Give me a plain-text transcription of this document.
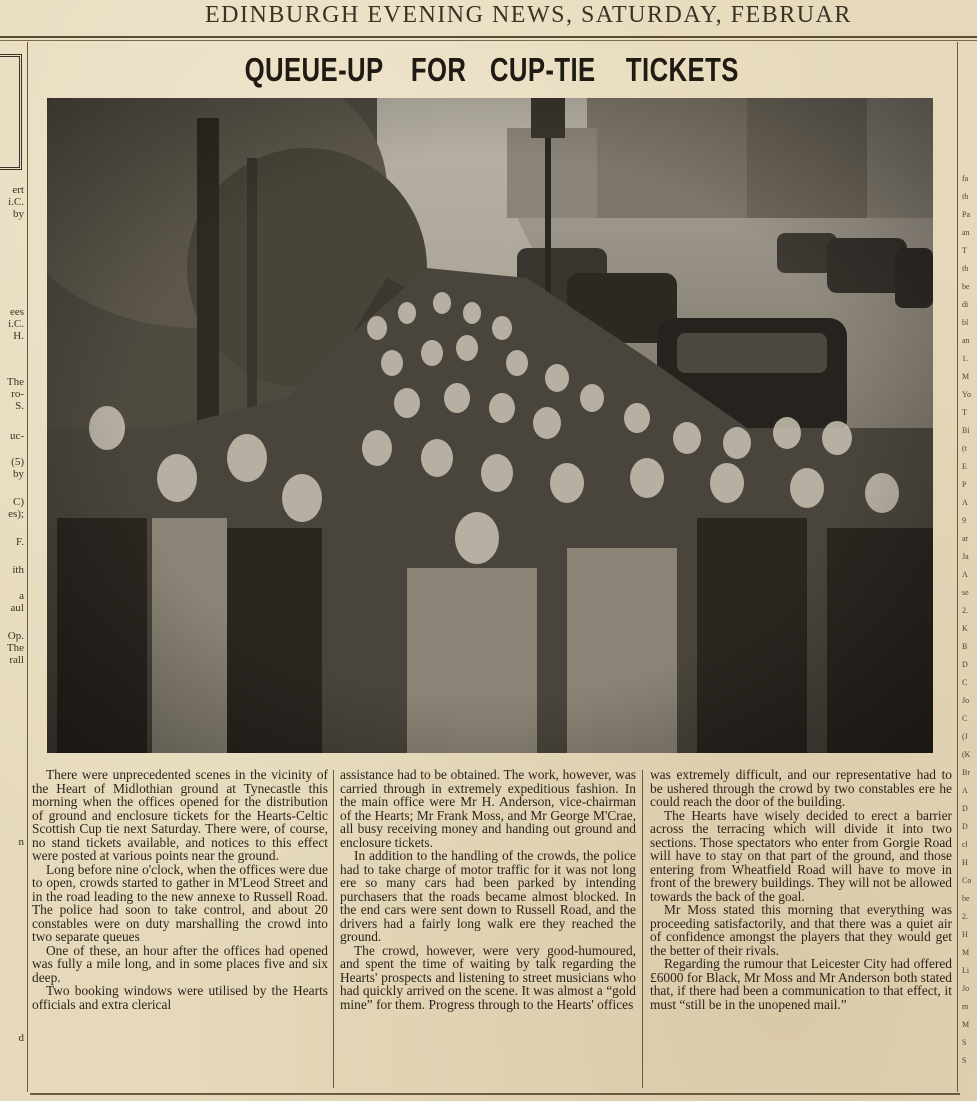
EDINBURGH EVENING NEWS, SATURDAY, FEBRUAR
ert
i.C.
by
ees
i.C.
H.
The
ro-
S.
uc-
(5)
by
C)
es);
F.
ith
a
aul
Op.
The
rall
n
d
fa
th
Pa
an
T
th
be
di
bl
an
1.
M
Yo
T
Bi
(t
E
P
A
9
ar
Ja
A
se
2.
K
B
D
C
Jo
C
(J
(K
Br
A
D
D
cl
H
Co
be
2.
H
M
Li
Jo
m
M
S
S
QUEUE-UP FOR CUP-TIE TICKETS

There were unprecedented scenes in the vicinity of the Heart of Midlothian ground at Tynecastle this morning when the offices opened for the distribution of ground and enclosure tickets for the Hearts-Celtic Scottish Cup tie next Saturday. There were, of course, no stand tickets available, and notices to this effect were posted at various points near the ground.

Long before nine o'clock, when the offices were due to open, crowds started to gather in M'Leod Street and in the road leading to the new annexe to Russell Road. The police had soon to take control, and about 20 constables were on duty marshalling the crowd into two separate queues

One of these, an hour after the offices had opened was fully a mile long, and in some places five and six deep.

Two booking windows were utilised by the Hearts officials and extra clerical

assistance had to be obtained. The work, however, was carried through in extremely expeditious fashion. In the main office were Mr H. Anderson, vice-chairman of the Hearts; Mr Frank Moss, and Mr George M'Crae, all busy receiving money and handing out ground and enclosure tickets.

In addition to the handling of the crowds, the police had to take charge of motor traffic for it was not long ere so many cars had been parked by intending purchasers that the roads became almost blocked. In the end cars were sent down to Russell Road, and the drivers had a fairly long walk ere they reached the ground.

The crowd, however, were very good-humoured, and spent the time of waiting by talk regarding the Hearts' prospects and listening to street musicians who had quickly arrived on the scene. It was almost a “gold mine” for them. Progress through to the Hearts' offices

was extremely difficult, and our representative had to be ushered through the crowd by two constables ere he could reach the door of the building.

The Hearts have wisely decided to erect a barrier across the terracing which will divide it into two sections. Those spectators who enter from Gorgie Road will have to stay on that part of the ground, and those entering from Wheatfield Road will have to move in front of the brewery buildings. They will not be allowed towards the back of the goal.

Mr Moss stated this morning that everything was proceeding satisfactorily, and that there was a quiet air of confidence amongst the players that they would get the better of their rivals.

Regarding the rumour that Leicester City had offered £6000 for Black, Mr Moss and Mr Anderson both stated that, if there had been a communication to that effect, it must “still be in the unopened mail.”
